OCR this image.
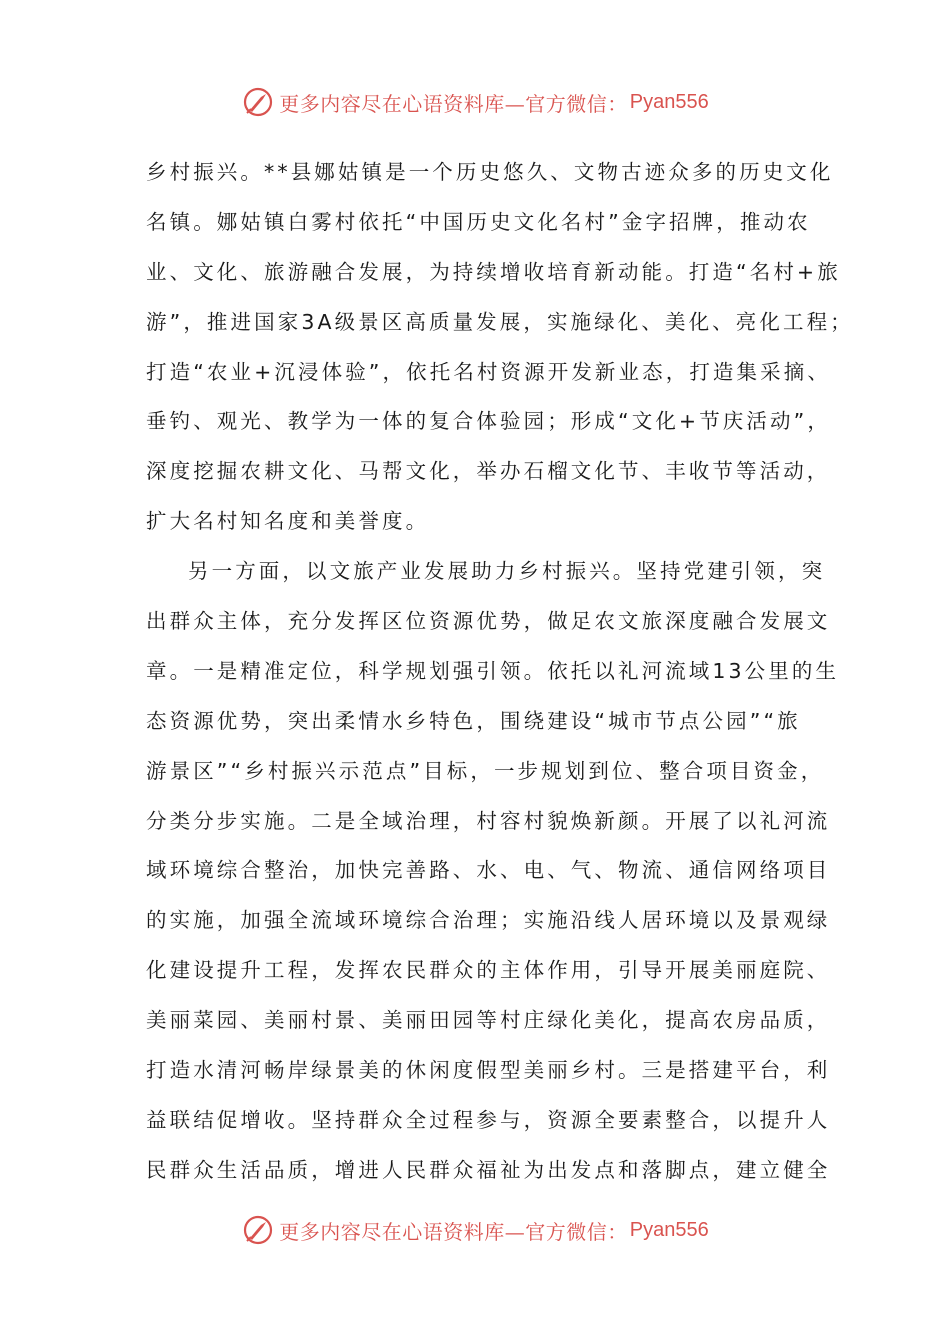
更多内容尽在心语资料库—官方微信： Pyan556
乡村振兴。**县娜姑镇是一个历史悠久、文物古迹众多的历史文化
名镇。娜姑镇白雾村依托“中国历史文化名村”金字招牌，推动农
业、文化、旅游融合发展，为持续增收培育新动能。打造“名村+旅
游”，推进国家3A级景区高质量发展，实施绿化、美化、亮化工程；
打造“农业+沉浸体验”，依托名村资源开发新业态，打造集采摘、
垂钓、观光、教学为一体的复合体验园；形成“文化+节庆活动”，
深度挖掘农耕文化、马帮文化，举办石榴文化节、丰收节等活动，
扩大名村知名度和美誉度。
另一方面，以文旅产业发展助力乡村振兴。坚持党建引领，突
出群众主体，充分发挥区位资源优势，做足农文旅深度融合发展文
章。一是精准定位，科学规划强引领。依托以礼河流域13公里的生
态资源优势，突出柔情水乡特色，围绕建设“城市节点公园”“旅
游景区”“乡村振兴示范点”目标，一步规划到位、整合项目资金，
分类分步实施。二是全域治理，村容村貌焕新颜。开展了以礼河流
域环境综合整治，加快完善路、水、电、气、物流、通信网络项目
的实施，加强全流域环境综合治理；实施沿线人居环境以及景观绿
化建设提升工程，发挥农民群众的主体作用，引导开展美丽庭院、
美丽菜园、美丽村景、美丽田园等村庄绿化美化，提高农房品质，
打造水清河畅岸绿景美的休闲度假型美丽乡村。三是搭建平台，利
益联结促增收。坚持群众全过程参与，资源全要素整合，以提升人
民群众生活品质，增进人民群众福祉为出发点和落脚点，建立健全
更多内容尽在心语资料库—官方微信： Pyan556
